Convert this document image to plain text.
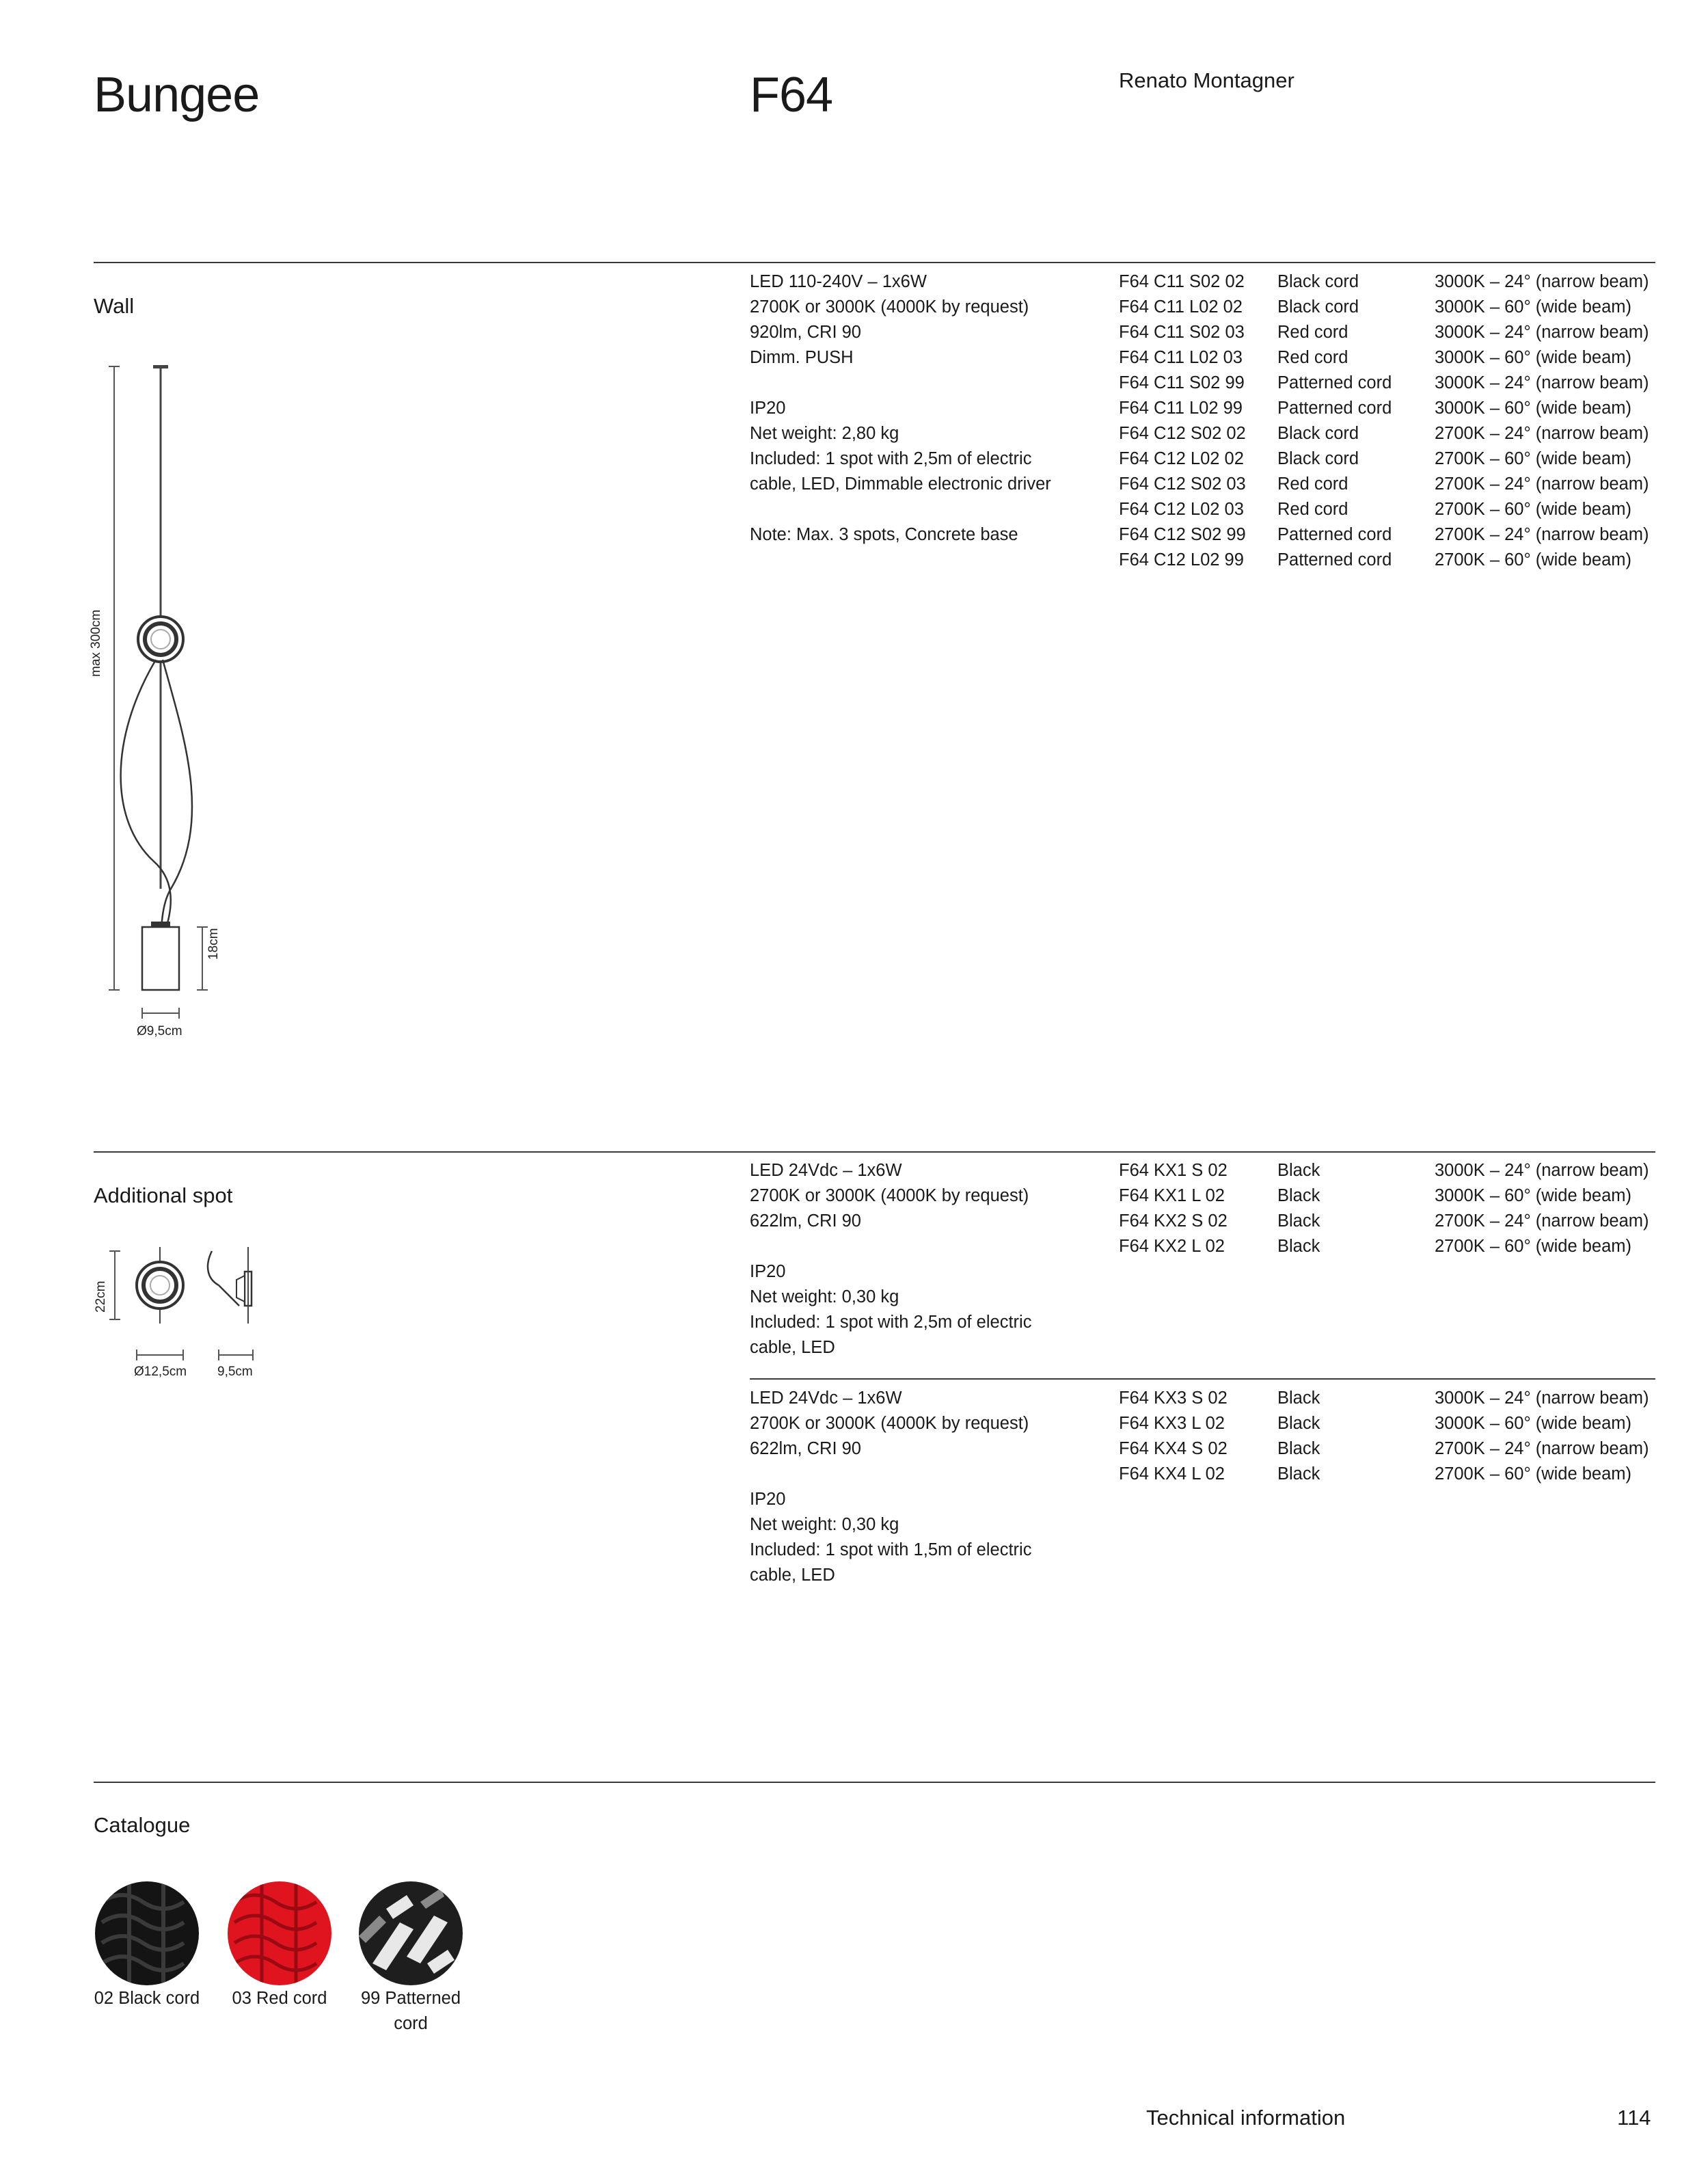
Bungee	F64	Renato Montagner
Wall
LED 110-240V – 1x6W
2700K or 3000K (4000K by request)
920lm, CRI 90
Dimm. PUSH
IP20
Net weight: 2,80 kg
Included: 1 spot with 2,5m of electric
cable, LED, Dimmable electronic driver
Note: Max. 3 spots, Concrete base
F64 C11 S02 02 Black cord	3000K – 24° (narrow beam)
F64 C11 L02 02 Black cord	3000K – 60° (wide beam)
F64 C11 S02 03 Red cord	3000K – 24° (narrow beam)
F64 C11 L02 03 Red cord	3000K – 60° (wide beam)
F64 C11 S02 99 Patterned cord 3000K – 24° (narrow beam)
F64 C11 L02 99 Patterned cord 3000K – 60° (wide beam)
F64 C12 S02 02 Black cord	2700K – 24° (narrow beam)
F64 C12 L02 02 Black cord	2700K – 60° (wide beam)
F64 C12 S02 03 Red cord	2700K – 24° (narrow beam)
F64 C12 L02 03 Red cord	2700K – 60° (wide beam)
F64 C12 S02 99 Patterned cord 2700K – 24° (narrow beam)
F64 C12 L02 99 Patterned cord 2700K – 60° (wide beam)
max 300cm
18cm
Ø9,5cm
Additional spot
LED 24Vdc – 1x6W
2700K or 3000K (4000K by request)
622lm, CRI 90
IP20
Net weight: 0,30 kg
Included: 1 spot with 2,5m of electric
cable, LED
F64 KX1 S 02	Black	3000K – 24° (narrow beam)
F64 KX1 L 02	Black	3000K – 60° (wide beam)
F64 KX2 S 02	Black	2700K – 24° (narrow beam)
F64 KX2 L 02	Black	2700K – 60° (wide beam)
LED 24Vdc – 1x6W
2700K or 3000K (4000K by request)
622lm, CRI 90
IP20
Net weight: 0,30 kg
Included: 1 spot with 1,5m of electric
cable, LED
F64 KX3 S 02	Black	3000K – 24° (narrow beam)
F64 KX3 L 02	Black	3000K – 60° (wide beam)
F64 KX4 S 02	Black	2700K – 24° (narrow beam)
F64 KX4 L 02	Black	2700K – 60° (wide beam)
22cm
Ø12,5cm 9,5cm
Catalogue
02 Black cord	03 Red cord	99 Patterned
cord
Technical information	114
